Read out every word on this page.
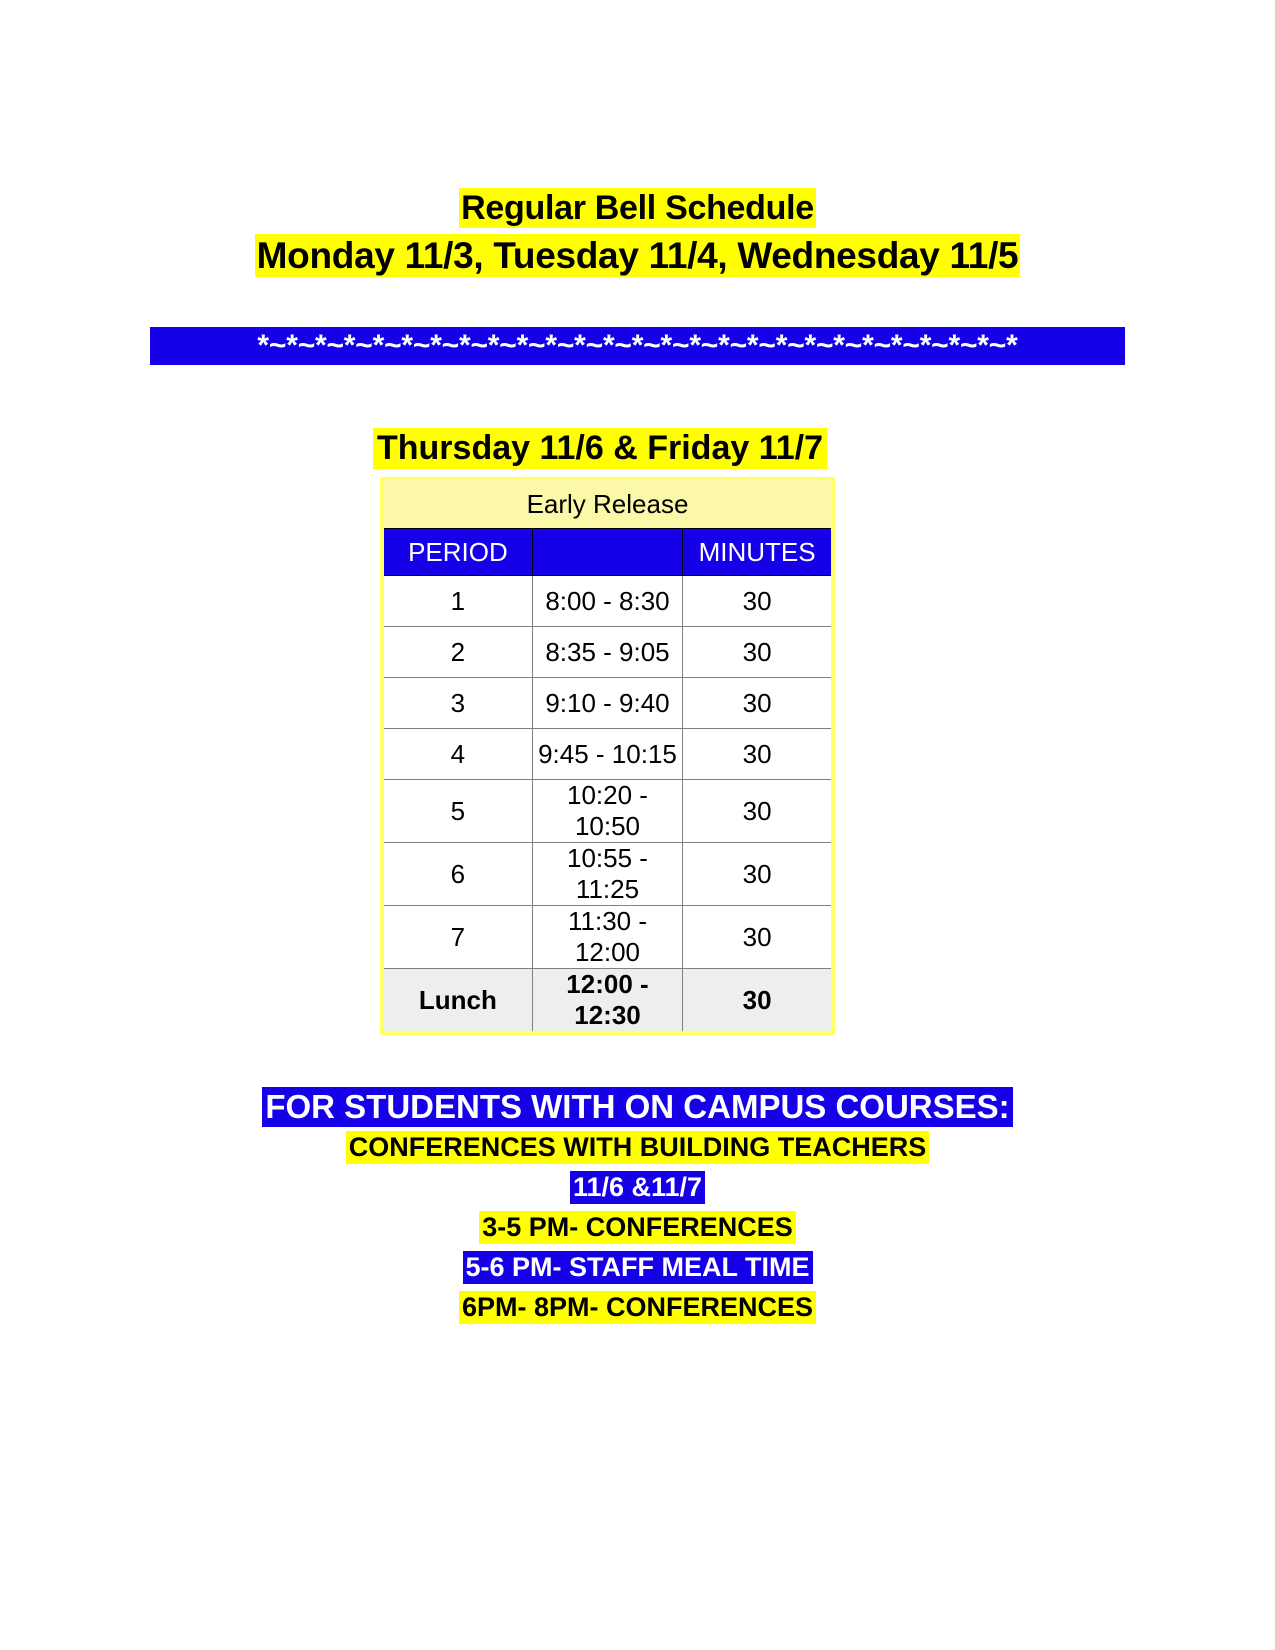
Regular Bell Schedule
Monday 11/3, Tuesday 11/4, Wednesday 11/5
*~*~*~*~*~*~*~*~*~*~*~*~*~*~*~*~*~*~*~*~*~*~*~*~*~*~*
Thursday 11/6 & Friday 11/7
Early Release		
PERIOD		MINUTES
1	8:00 - 8:30	30
2	8:35 - 9:05	30
3	9:10 - 9:40	30
4	9:45 - 10:15	30
5	10:20 - 10:50	30
6	10:55 - 11:25	30
7	11:30 - 12:00	30
Lunch	12:00 - 12:30	30
FOR STUDENTS WITH ON CAMPUS COURSES:
CONFERENCES WITH BUILDING TEACHERS
11/6 &11/7
3-5 PM- CONFERENCES
5-6 PM- STAFF MEAL TIME
6PM- 8PM- CONFERENCES
